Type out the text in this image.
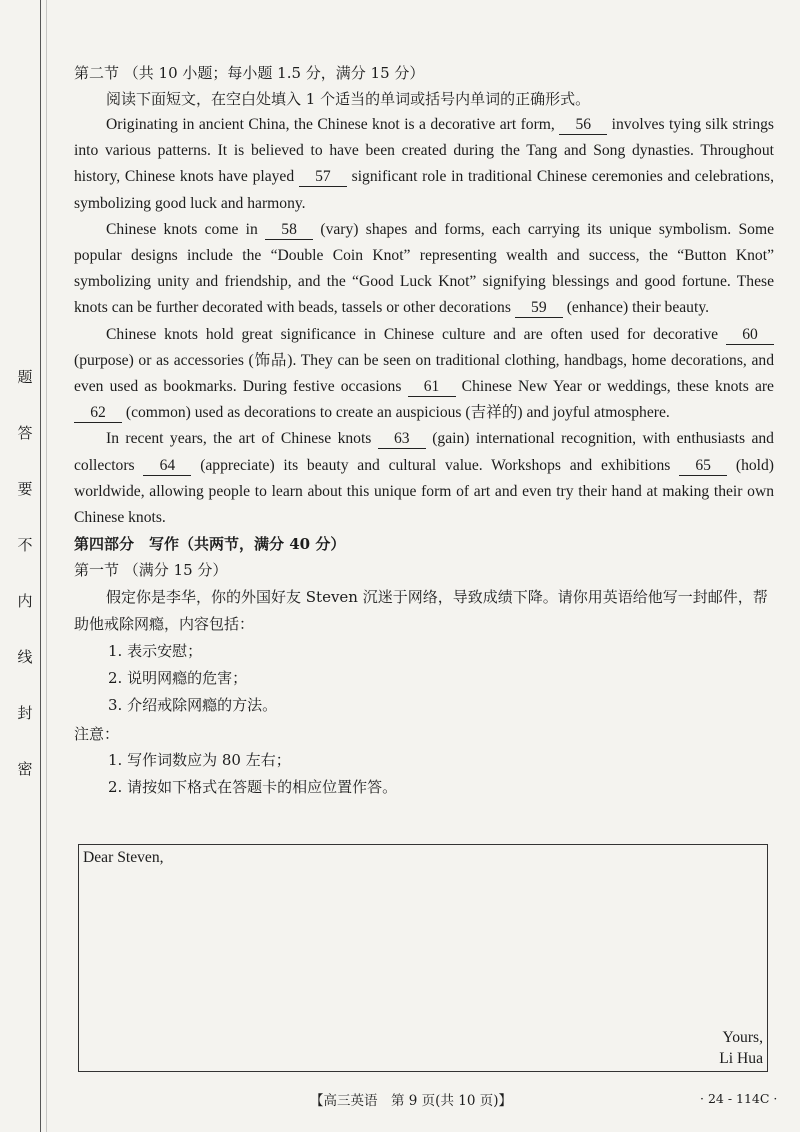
题
答
要
不
内
线
封
密

第二节 （共 10 小题；每小题 1.5 分，满分 15 分）

阅读下面短文，在空白处填入 1 个适当的单词或括号内单词的正确形式。

Originating in ancient China, the Chinese knot is a decorative art form, 56 involves tying silk strings into various patterns. It is believed to have been created during the Tang and Song dynasties. Throughout history, Chinese knots have played 57 significant role in traditional Chinese ceremonies and celebrations, symbolizing good luck and harmony.

Chinese knots come in 58 (vary) shapes and forms, each carrying its unique symbolism. Some popular designs include the “Double Coin Knot” representing wealth and success, the “Button Knot” symbolizing unity and friendship, and the “Good Luck Knot” signifying blessings and good fortune. These knots can be further decorated with beads, tassels or other decorations 59 (enhance) their beauty.

Chinese knots hold great significance in Chinese culture and are often used for decorative 60 (purpose) or as accessories (饰品). They can be seen on traditional clothing, handbags, home decorations, and even used as bookmarks. During festive occasions 61 Chinese New Year or weddings, these knots are 62 (common) used as decorations to create an auspicious (吉祥的) and joyful atmosphere.

In recent years, the art of Chinese knots 63 (gain) international recognition, with enthusiasts and collectors 64 (appreciate) its beauty and cultural value. Workshops and exhibitions 65 (hold) worldwide, allowing people to learn about this unique form of art and even try their hand at making their own Chinese knots.

第四部分　写作（共两节，满分 40 分）

第一节 （满分 15 分）

假定你是李华，你的外国好友 Steven 沉迷于网络，导致成绩下降。请你用英语给他写一封邮件，帮助他戒除网瘾，内容包括：

1. 表示安慰；

2. 说明网瘾的危害；

3. 介绍戒除网瘾的方法。

注意：

1. 写作词数应为 80 左右；

2. 请按如下格式在答题卡的相应位置作答。

Dear Steven,
Yours,
Li Hua
【高三英语　第 9 页(共 10 页)】	· 24 - 114C ·
